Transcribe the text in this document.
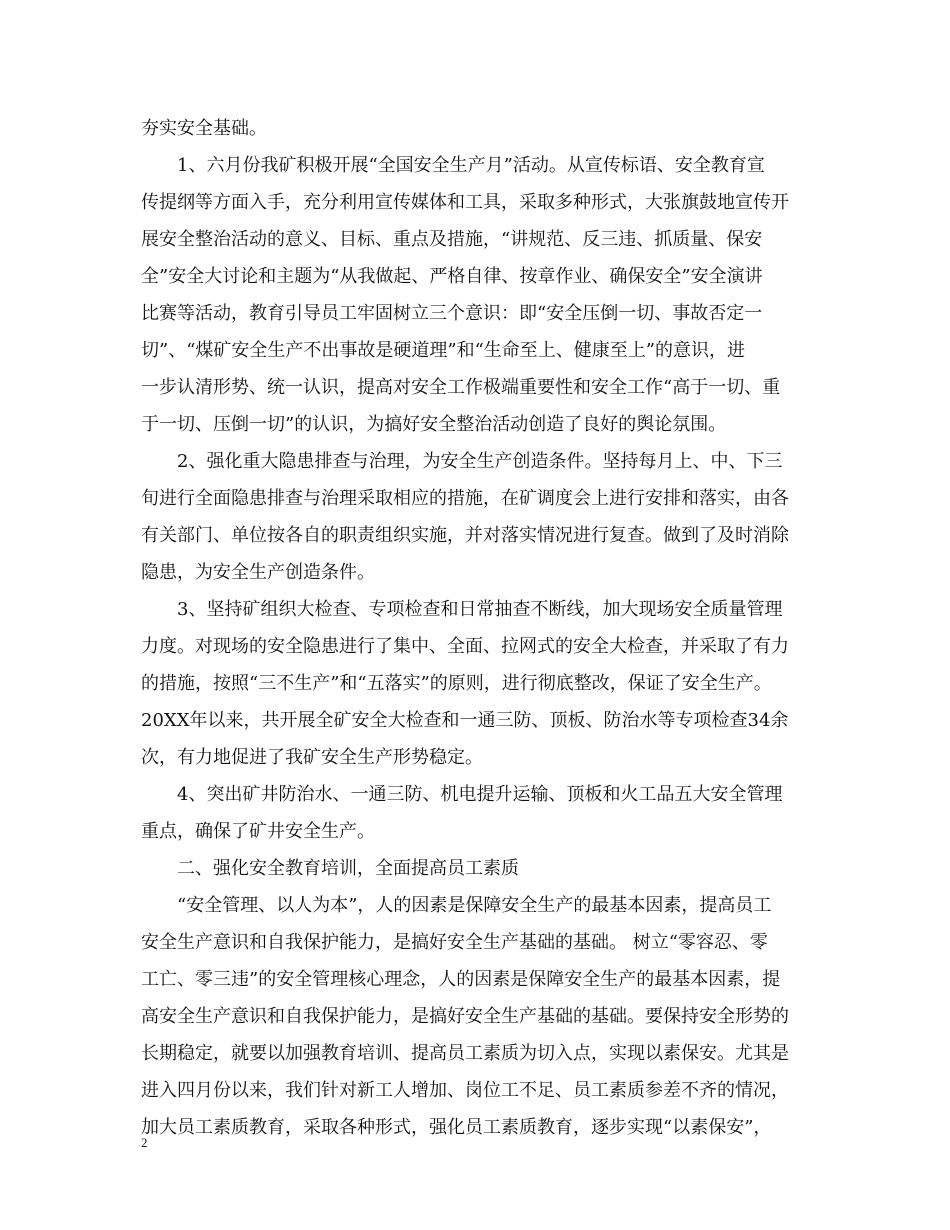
夯实安全基础。
1、六月份我矿积极开展“全国安全生产月”活动。从宣传标语、安全教育宣
传提纲等方面入手，充分利用宣传媒体和工具，采取多种形式，大张旗鼓地宣传开
展安全整治活动的意义、目标、重点及措施，“讲规范、反三违、抓质量、保安
全”安全大讨论和主题为“从我做起、严格自律、按章作业、确保安全”安全演讲
比赛等活动，教育引导员工牢固树立三个意识：即“安全压倒一切、事故否定一
切”、“煤矿安全生产不出事故是硬道理”和“生命至上、健康至上”的意识，进
一步认清形势、统一认识，提高对安全工作极端重要性和安全工作“高于一切、重
于一切、压倒一切”的认识，为搞好安全整治活动创造了良好的舆论氛围。
2、强化重大隐患排查与治理，为安全生产创造条件。坚持每月上、中、下三
旬进行全面隐患排查与治理采取相应的措施，在矿调度会上进行安排和落实，由各
有关部门、单位按各自的职责组织实施，并对落实情况进行复查。做到了及时消除
隐患，为安全生产创造条件。
3、坚持矿组织大检查、专项检查和日常抽查不断线，加大现场安全质量管理
力度。对现场的安全隐患进行了集中、全面、拉网式的安全大检查，并采取了有力
的措施，按照“三不生产”和“五落实”的原则，进行彻底整改，保证了安全生产。
20XX年以来，共开展全矿安全大检查和一通三防、顶板、防治水等专项检查34余
次，有力地促进了我矿安全生产形势稳定。
4、突出矿井防治水、一通三防、机电提升运输、顶板和火工品五大安全管理
重点，确保了矿井安全生产。
二、强化安全教育培训，全面提高员工素质
“安全管理、以人为本”，人的因素是保障安全生产的最基本因素，提高员工
安全生产意识和自我保护能力，是搞好安全生产基础的基础。 树立“零容忍、零
工亡、零三违”的安全管理核心理念，人的因素是保障安全生产的最基本因素，提
高安全生产意识和自我保护能力，是搞好安全生产基础的基础。要保持安全形势的
长期稳定，就要以加强教育培训、提高员工素质为切入点，实现以素保安。尤其是
进入四月份以来，我们针对新工人增加、岗位工不足、员工素质参差不齐的情况，
加大员工素质教育，采取各种形式，强化员工素质教育，逐步实现“以素保安”，
2
